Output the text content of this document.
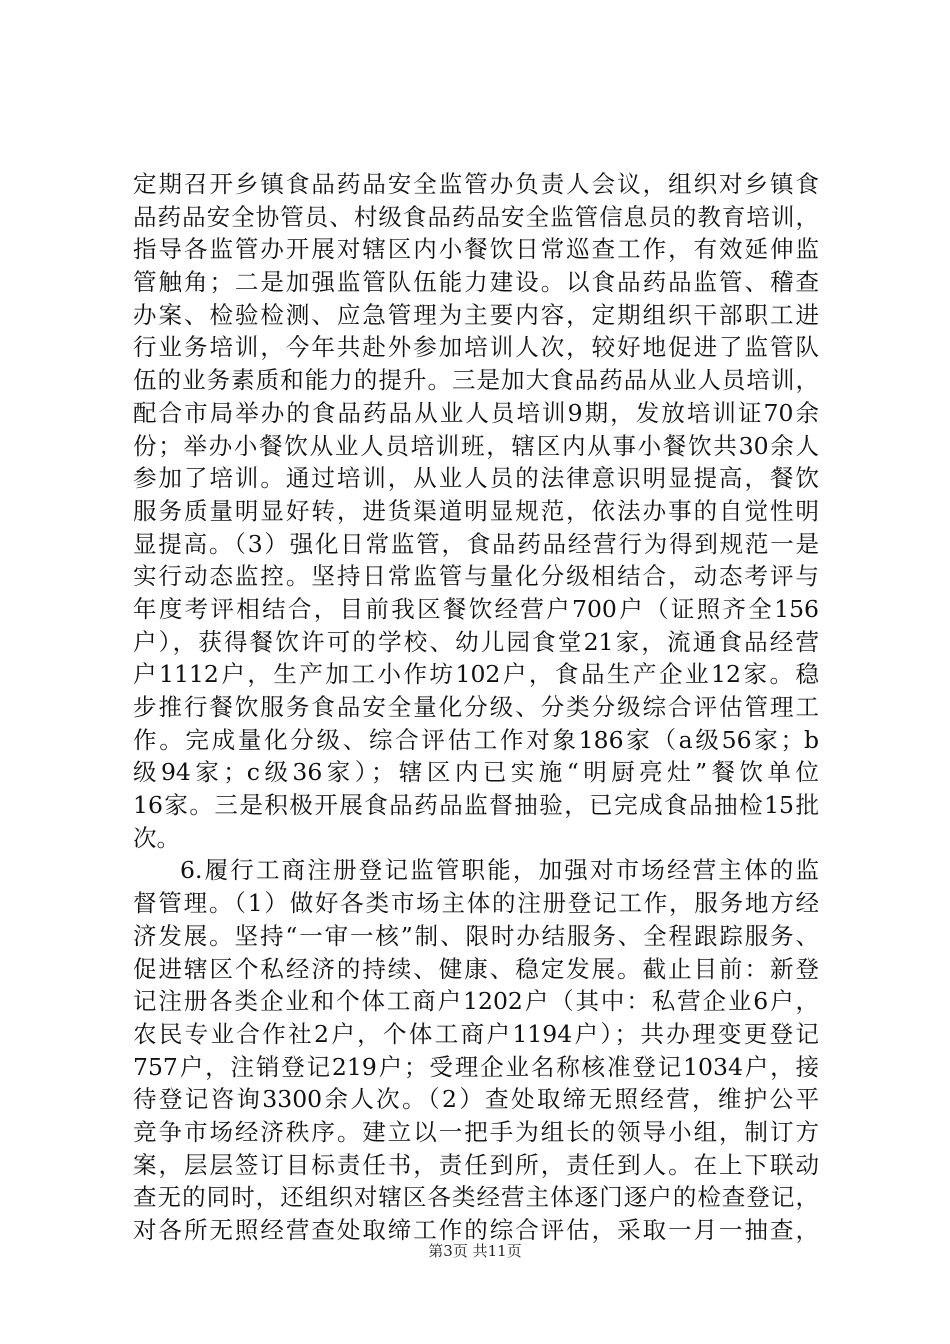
定期召开乡镇食品药品安全监管办负责人会议，组织对乡镇食
品药品安全协管员、村级食品药品安全监管信息员的教育培训，
指导各监管办开展对辖区内小餐饮日常巡查工作，有效延伸监
管触角；二是加强监管队伍能力建设。以食品药品监管、稽查
办案、检验检测、应急管理为主要内容，定期组织干部职工进
行业务培训，今年共赴外参加培训人次，较好地促进了监管队
伍的业务素质和能力的提升。三是加大食品药品从业人员培训，
配合市局举办的食品药品从业人员培训9期，发放培训证70余
份；举办小餐饮从业人员培训班，辖区内从事小餐饮共30余人
参加了培训。通过培训，从业人员的法律意识明显提高，餐饮
服务质量明显好转，进货渠道明显规范，依法办事的自觉性明
显提高。（3）强化日常监管，食品药品经营行为得到规范一是
实行动态监控。坚持日常监管与量化分级相结合，动态考评与
年度考评相结合，目前我区餐饮经营户700户（证照齐全156
户），获得餐饮许可的学校、幼儿园食堂21家，流通食品经营
户1112户，生产加工小作坊102户，食品生产企业12家。稳
步推行餐饮服务食品安全量化分级、分类分级综合评估管理工
作。完成量化分级、综合评估工作对象186家（a级56家；b
级94家；c级36家）；辖区内已实施“明厨亮灶”餐饮单位
16家。三是积极开展食品药品监督抽验，已完成食品抽检15批
次。
6.履行工商注册登记监管职能，加强对市场经营主体的监
督管理。（1）做好各类市场主体的注册登记工作，服务地方经
济发展。坚持“一审一核”制、限时办结服务、全程跟踪服务、
促进辖区个私经济的持续、健康、稳定发展。截止目前：新登
记注册各类企业和个体工商户1202户（其中：私营企业6户，
农民专业合作社2户，个体工商户1194户）；共办理变更登记
757户，注销登记219户；受理企业名称核准登记1034户，接
待登记咨询3300余人次。（2）查处取缔无照经营，维护公平
竞争市场经济秩序。建立以一把手为组长的领导小组，制订方
案，层层签订目标责任书，责任到所，责任到人。在上下联动
查无的同时，还组织对辖区各类经营主体逐门逐户的检查登记，
对各所无照经营查处取缔工作的综合评估，采取一月一抽查，
第3页 共11页
